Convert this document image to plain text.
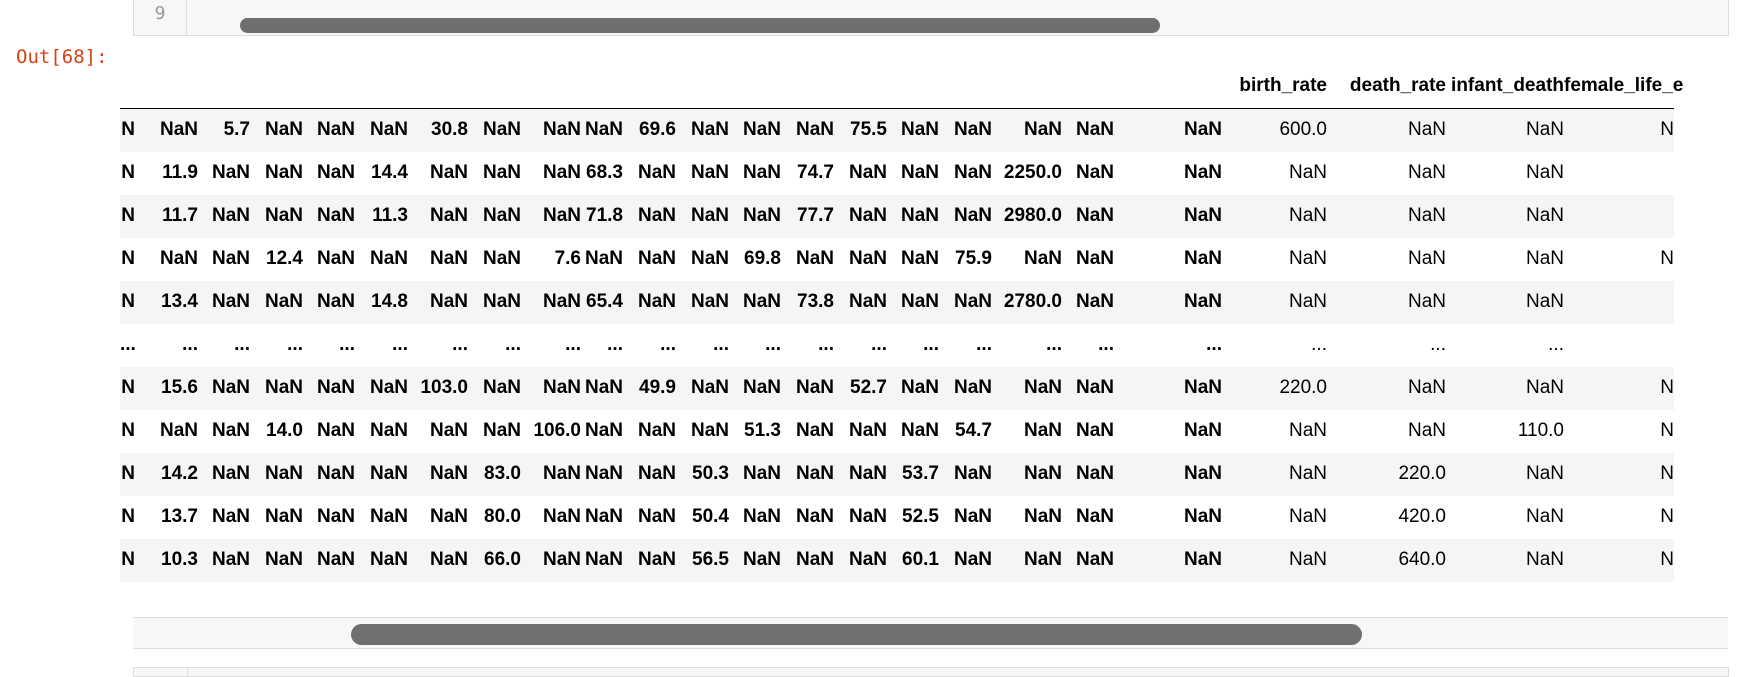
9
Out[68]:
																				birth_rate	death_rate	infant_death	female_life_e
N	NaN	5.7	NaN	NaN	NaN	30.8	NaN	NaN	NaN	69.6	NaN	NaN	NaN	75.5	NaN	NaN	NaN	NaN	NaN	600.0	NaN	NaN	N
N	11.9	NaN	NaN	NaN	14.4	NaN	NaN	NaN	68.3	NaN	NaN	NaN	74.7	NaN	NaN	NaN	2250.0	NaN	NaN	NaN	NaN	NaN	
N	11.7	NaN	NaN	NaN	11.3	NaN	NaN	NaN	71.8	NaN	NaN	NaN	77.7	NaN	NaN	NaN	2980.0	NaN	NaN	NaN	NaN	NaN	
N	NaN	NaN	12.4	NaN	NaN	NaN	NaN	7.6	NaN	NaN	NaN	69.8	NaN	NaN	NaN	75.9	NaN	NaN	NaN	NaN	NaN	NaN	N
N	13.4	NaN	NaN	NaN	14.8	NaN	NaN	NaN	65.4	NaN	NaN	NaN	73.8	NaN	NaN	NaN	2780.0	NaN	NaN	NaN	NaN	NaN	
...	...	...	...	...	...	...	...	...	...	...	...	...	...	...	...	...	...	...	...	...	...	...	
N	15.6	NaN	NaN	NaN	NaN	103.0	NaN	NaN	NaN	49.9	NaN	NaN	NaN	52.7	NaN	NaN	NaN	NaN	NaN	220.0	NaN	NaN	N
N	NaN	NaN	14.0	NaN	NaN	NaN	NaN	106.0	NaN	NaN	NaN	51.3	NaN	NaN	NaN	54.7	NaN	NaN	NaN	NaN	NaN	110.0	N
N	14.2	NaN	NaN	NaN	NaN	NaN	83.0	NaN	NaN	NaN	50.3	NaN	NaN	NaN	53.7	NaN	NaN	NaN	NaN	NaN	220.0	NaN	N
N	13.7	NaN	NaN	NaN	NaN	NaN	80.0	NaN	NaN	NaN	50.4	NaN	NaN	NaN	52.5	NaN	NaN	NaN	NaN	NaN	420.0	NaN	N
N	10.3	NaN	NaN	NaN	NaN	NaN	66.0	NaN	NaN	NaN	56.5	NaN	NaN	NaN	60.1	NaN	NaN	NaN	NaN	NaN	640.0	NaN	N
